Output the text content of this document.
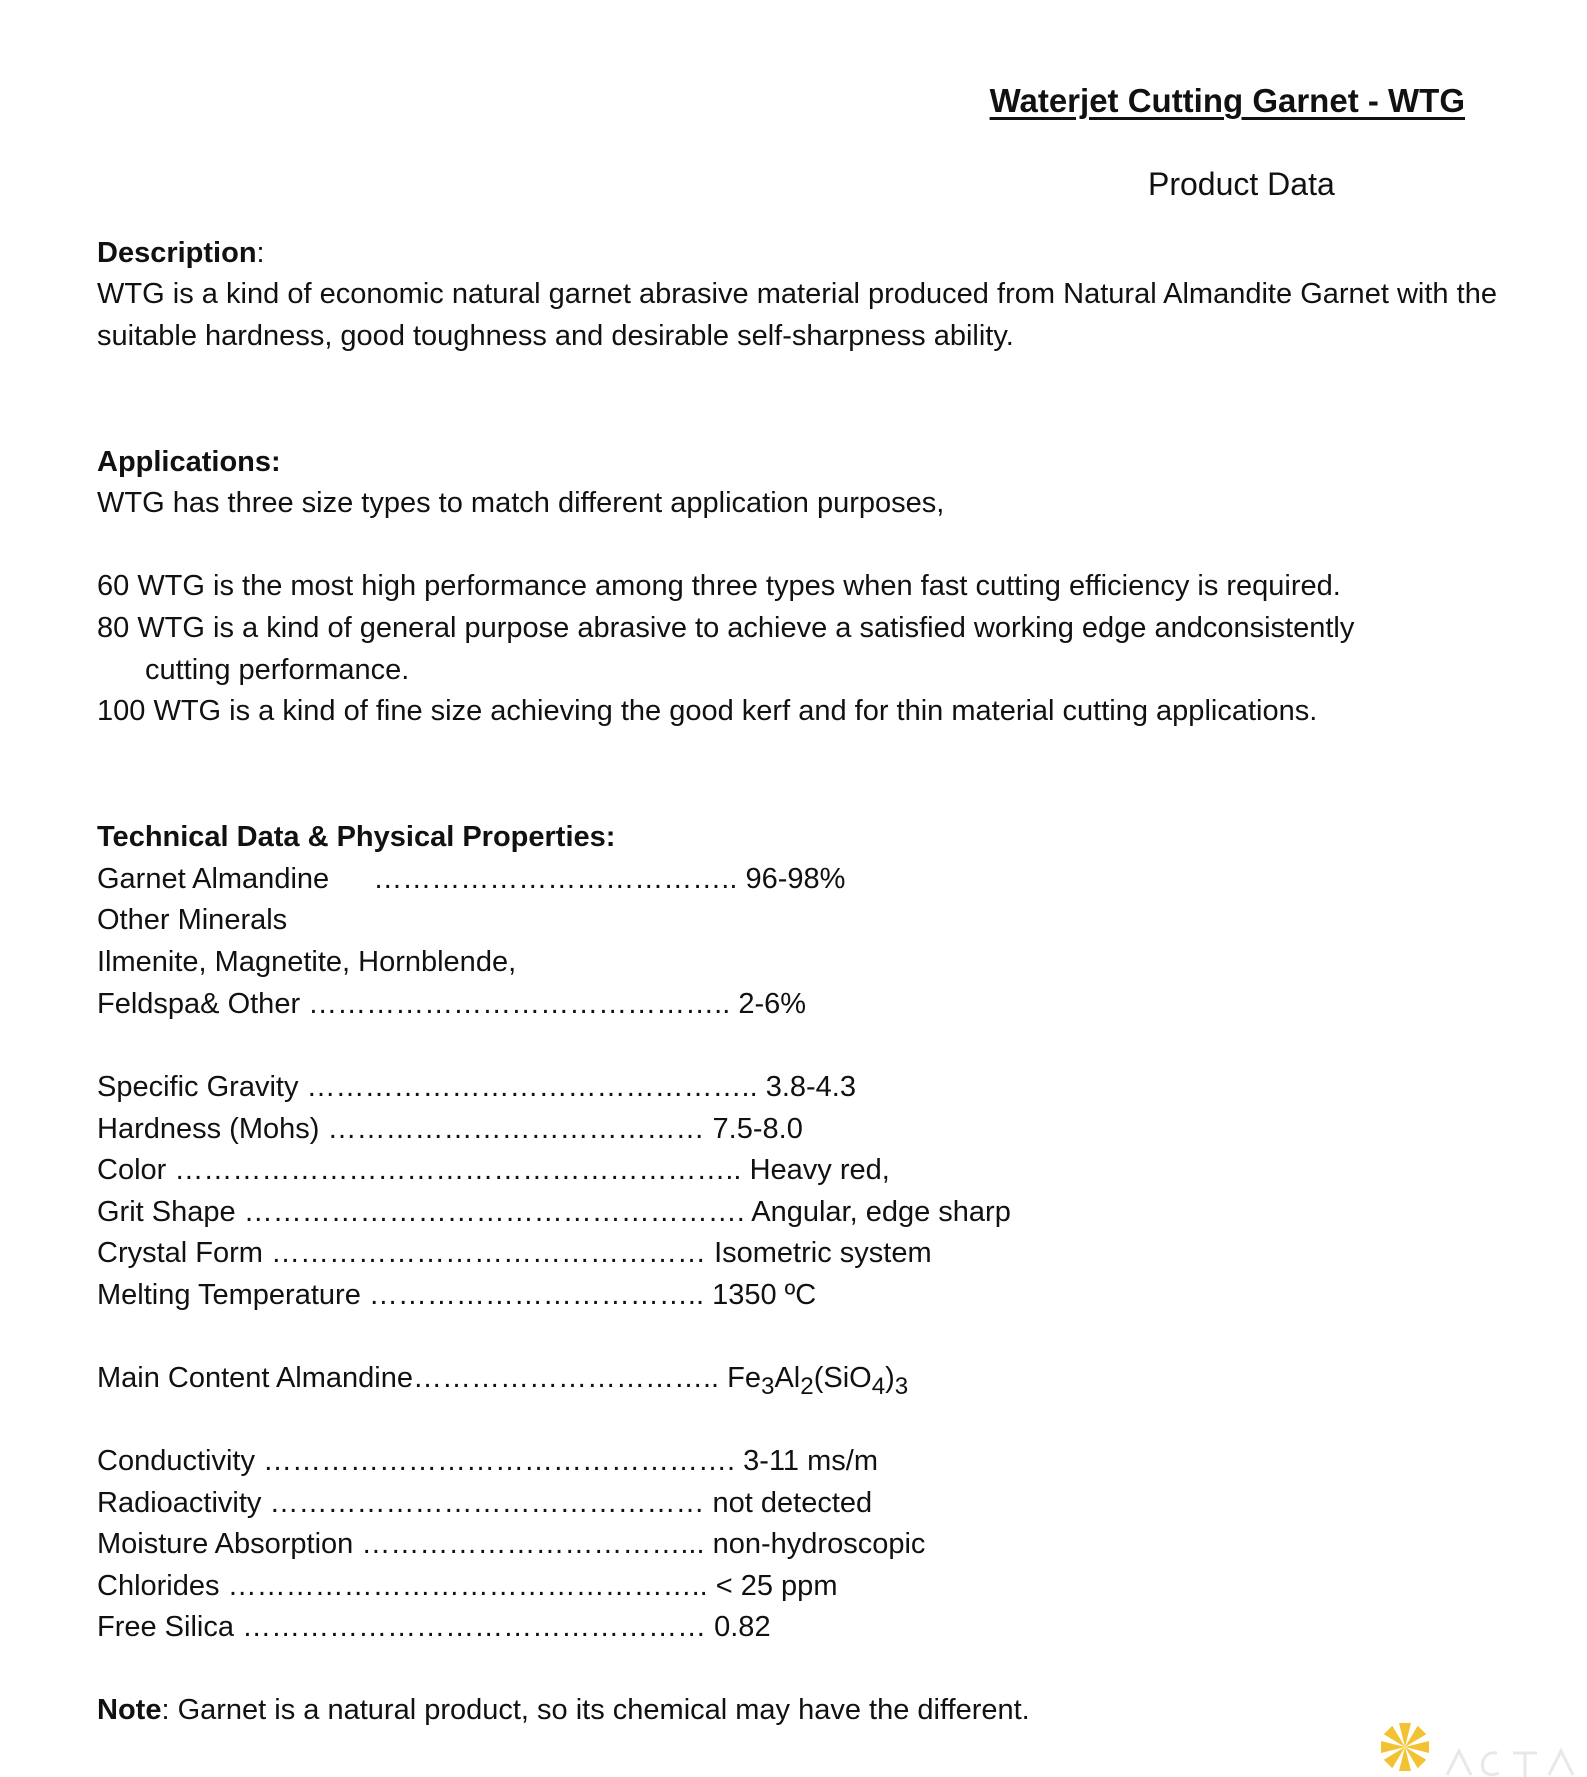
Waterjet Cutting Garnet - WTG
Product Data
Description:
WTG is a kind of economic natural garnet abrasive material produced from Natural Almandite Garnet with the suitable hardness, good toughness and desirable self-sharpness ability.
Applications:
WTG has three size types to match different application purposes,
60 WTG is the most high performance among three types when fast cutting efficiency is required.
80 WTG is a kind of general purpose abrasive to achieve a satisfied working edge andconsistently cutting performance.
100 WTG is a kind of fine size achieving the good kerf and for thin material cutting applications.
Technical Data & Physical Properties:
Garnet Almandine ……………………………….. 96-98%
Other Minerals
Ilmenite, Magnetite, Hornblende,
Feldspa& Other …………………………………….. 2-6%
Specific Gravity ……………………………………….. 3.8-4.3
Hardness (Mohs) ………………………………… 7.5-8.0
Color ………………………………………………….. Heavy red,
Grit Shape ……………………………………………. Angular, edge sharp
Crystal Form ……………………………………… Isometric system
Melting Temperature …………………………….. 1350 ºC
Main Content Almandine………………………….. $Fe_3Al_2(SiO_4)_3$
Conductivity …………………………………………. 3-11 ms/m
Radioactivity ……………………………………… not detected
Moisture Absorption ……………………………... non-hydroscopic
Chlorides ………………………………………….. < 25 ppm
Free Silica ………………………………………… 0.82
Note: Garnet is a natural product, so its chemical may have the different.
